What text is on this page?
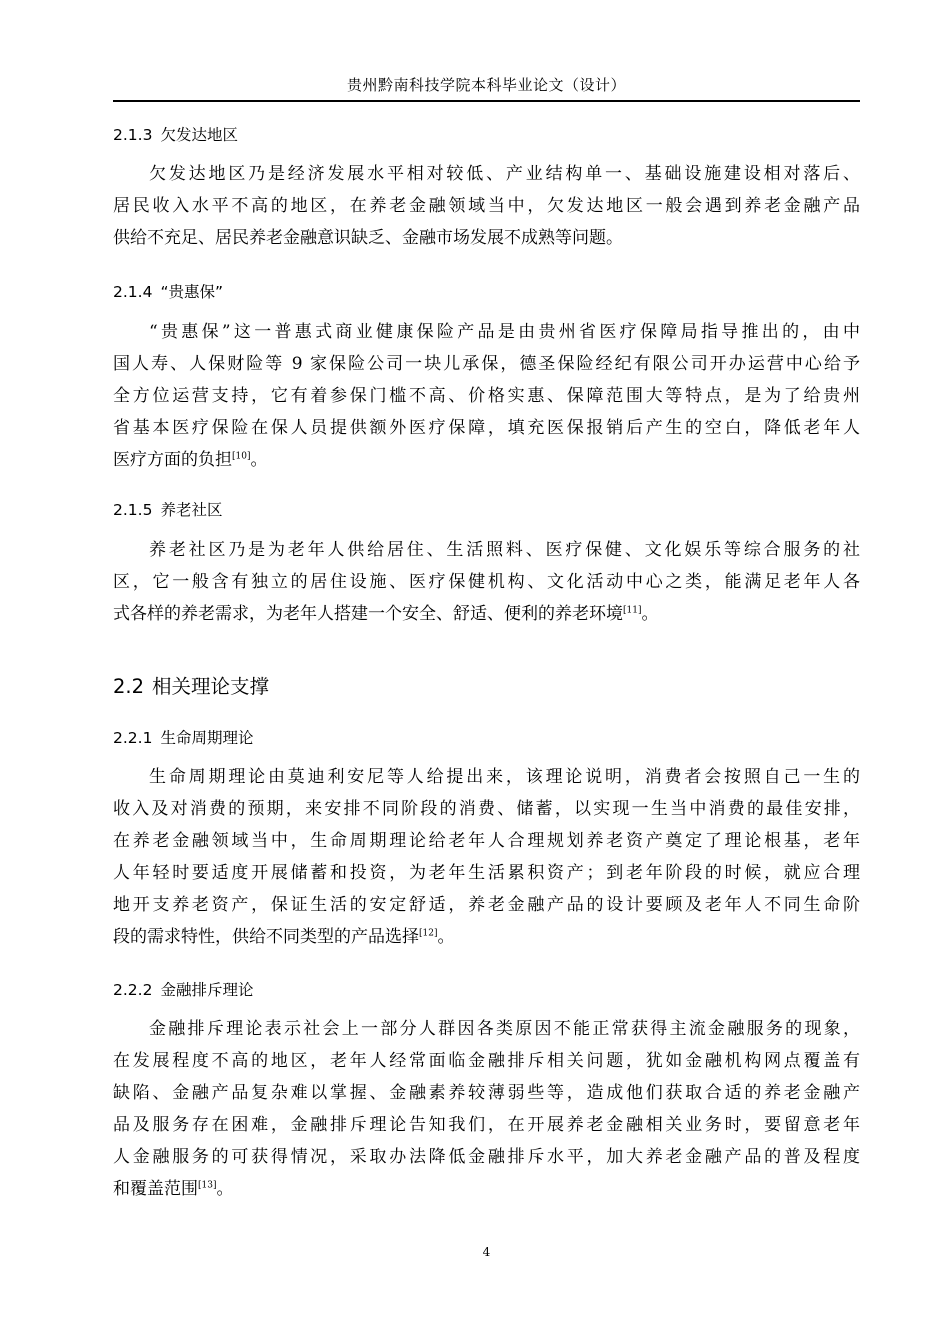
贵州黔南科技学院本科毕业论文（设计）
2.1.3 欠发达地区
欠发达地区乃是经济发展水平相对较低、产业结构单一、基础设施建设相对落后、
居民收入水平不高的地区，在养老金融领域当中，欠发达地区一般会遇到养老金融产品
供给不充足、居民养老金融意识缺乏、金融市场发展不成熟等问题。
2.1.4 “贵惠保”
“贵惠保”这一普惠式商业健康保险产品是由贵州省医疗保障局指导推出的，由中
国人寿、人保财险等 9 家保险公司一块儿承保，德圣保险经纪有限公司开办运营中心给予
全方位运营支持，它有着参保门槛不高、价格实惠、保障范围大等特点，是为了给贵州
省基本医疗保险在保人员提供额外医疗保障，填充医保报销后产生的空白，降低老年人
医疗方面的负担[10]。
2.1.5 养老社区
养老社区乃是为老年人供给居住、生活照料、医疗保健、文化娱乐等综合服务的社
区，它一般含有独立的居住设施、医疗保健机构、文化活动中心之类，能满足老年人各
式各样的养老需求，为老年人搭建一个安全、舒适、便利的养老环境[11]。
2.2 相关理论支撑
2.2.1 生命周期理论
生命周期理论由莫迪利安尼等人给提出来，该理论说明，消费者会按照自己一生的
收入及对消费的预期，来安排不同阶段的消费、储蓄，以实现一生当中消费的最佳安排，
在养老金融领域当中，生命周期理论给老年人合理规划养老资产奠定了理论根基，老年
人年轻时要适度开展储蓄和投资，为老年生活累积资产；到老年阶段的时候，就应合理
地开支养老资产，保证生活的安定舒适，养老金融产品的设计要顾及老年人不同生命阶
段的需求特性，供给不同类型的产品选择[12]。
2.2.2 金融排斥理论
金融排斥理论表示社会上一部分人群因各类原因不能正常获得主流金融服务的现象，
在发展程度不高的地区，老年人经常面临金融排斥相关问题，犹如金融机构网点覆盖有
缺陷、金融产品复杂难以掌握、金融素养较薄弱些等，造成他们获取合适的养老金融产
品及服务存在困难，金融排斥理论告知我们，在开展养老金融相关业务时，要留意老年
人金融服务的可获得情况，采取办法降低金融排斥水平，加大养老金融产品的普及程度
和覆盖范围[13]。
4
